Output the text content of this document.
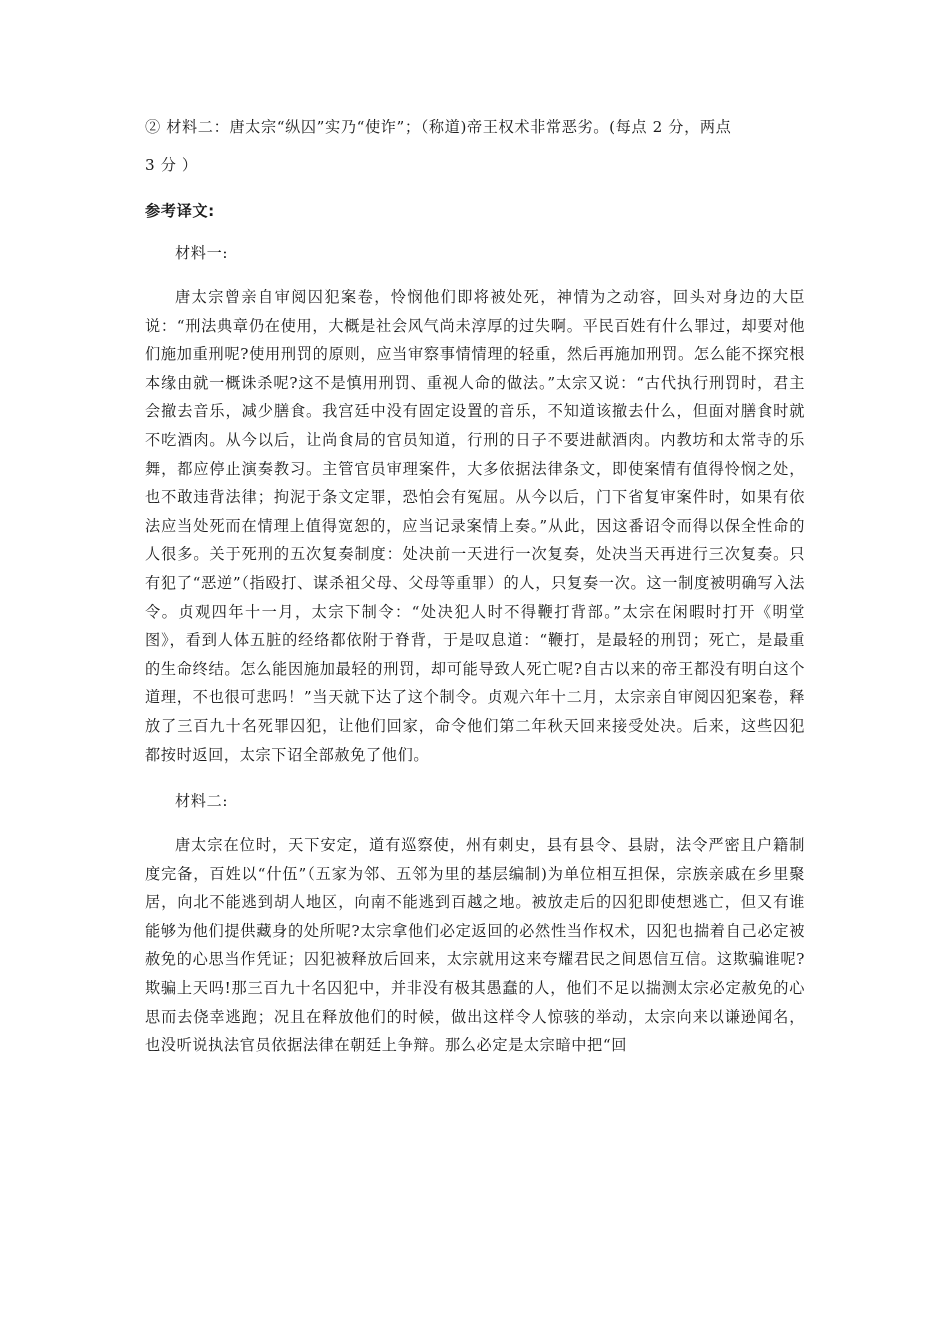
② 材料二：唐太宗“纵囚”实乃“使诈”；（称道)帝王权术非常恶劣。(每点 2 分，两点

3 分 ）

参考译文:

材料一:

唐太宗曾亲自审阅囚犯案卷，怜悯他们即将被处死，神情为之动容，回头对身边的大臣说：“刑法典章仍在使用，大概是社会风气尚未淳厚的过失啊。平民百姓有什么罪过，却要对他们施加重刑呢?使用刑罚的原则，应当审察事情情理的轻重，然后再施加刑罚。怎么能不探究根本缘由就一概诛杀呢?这不是慎用刑罚、重视人命的做法。”太宗又说：“古代执行刑罚时，君主会撤去音乐，减少膳食。我宫廷中没有固定设置的音乐，不知道该撤去什么，但面对膳食时就不吃酒肉。从今以后，让尚食局的官员知道，行刑的日子不要进献酒肉。内教坊和太常寺的乐舞，都应停止演奏教习。主管官员审理案件，大多依据法律条文，即使案情有值得怜悯之处，也不敢违背法律；拘泥于条文定罪，恐怕会有冤屈。从今以后，门下省复审案件时，如果有依法应当处死而在情理上值得宽恕的，应当记录案情上奏。”从此，因这番诏令而得以保全性命的人很多。关于死刑的五次复奏制度：处决前一天进行一次复奏，处决当天再进行三次复奏。只有犯了“恶逆”（指殴打、谋杀祖父母、父母等重罪）的人，只复奏一次。这一制度被明确写入法令。贞观四年十一月，太宗下制令：“处决犯人时不得鞭打背部。”太宗在闲暇时打开《明堂图》，看到人体五脏的经络都依附于脊背，于是叹息道：“鞭打，是最轻的刑罚；死亡，是最重的生命终结。怎么能因施加最轻的刑罚，却可能导致人死亡呢?自古以来的帝王都没有明白这个道理，不也很可悲吗！”当天就下达了这个制令。贞观六年十二月，太宗亲自审阅囚犯案卷，释放了三百九十名死罪囚犯，让他们回家，命令他们第二年秋天回来接受处决。后来，这些囚犯都按时返回，太宗下诏全部赦免了他们。

材料二:

唐太宗在位时，天下安定，道有巡察使，州有刺史，县有县令、县尉，法令严密且户籍制度完备，百姓以“什伍”（五家为邻、五邻为里的基层编制)为单位相互担保，宗族亲戚在乡里聚居，向北不能逃到胡人地区，向南不能逃到百越之地。被放走后的囚犯即使想逃亡，但又有谁能够为他们提供藏身的处所呢?太宗拿他们必定返回的必然性当作权术，囚犯也揣着自己必定被赦免的心思当作凭证；囚犯被释放后回来，太宗就用这来夸耀君民之间恩信互信。这欺骗谁呢?欺骗上天吗!那三百九十名囚犯中，并非没有极其愚蠢的人，他们不足以揣测太宗必定赦免的心思而去侥幸逃跑；况且在释放他们的时候，做出这样令人惊骇的举动，太宗向来以谦逊闻名，也没听说执法官员依据法律在朝廷上争辩。那么必定是太宗暗中把“回
